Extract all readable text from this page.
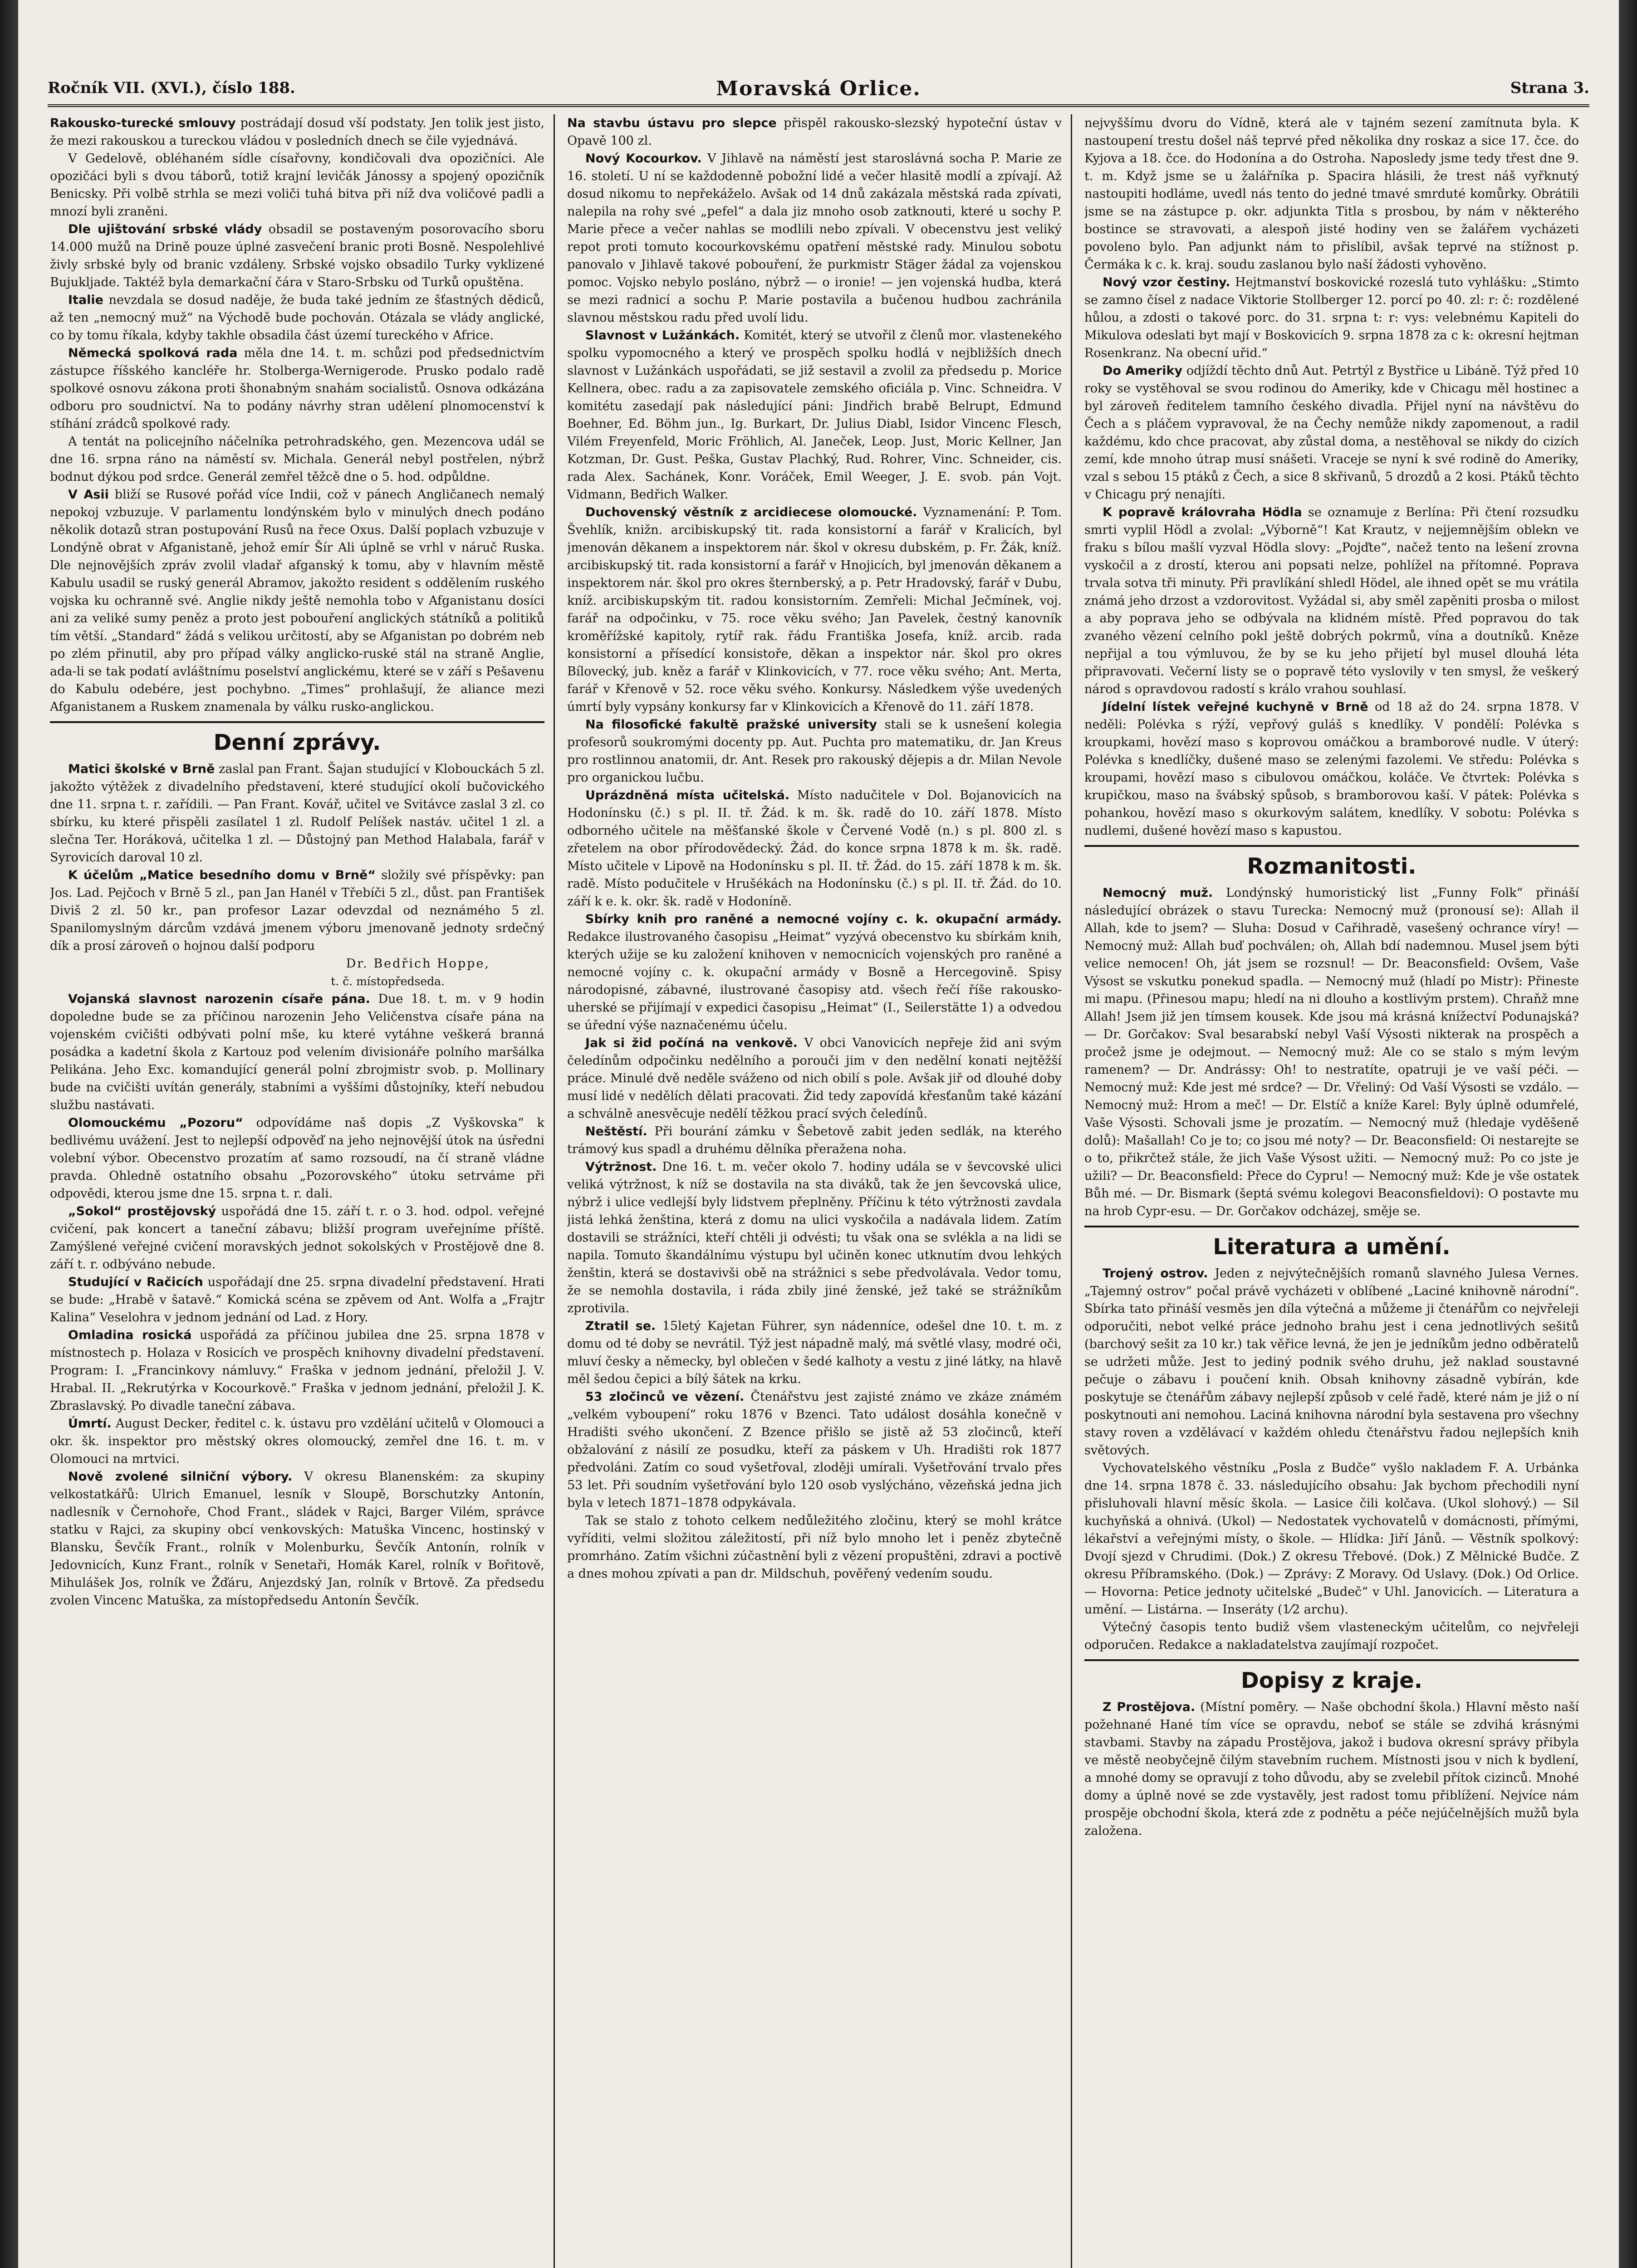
Ročník VII. (XVI.), číslo 188.	Moravská Orlice.	Strana 3.

Rakousko-turecké smlouvy postrádají dosud vší podstaty. Jen tolik jest jisto, že mezi rakouskou a tureckou vládou v posledních dnech se čile vyjednává.

V Gedelově, obléhaném sídle císařovny, kondičovali dva opozičníci. Ale opozičáci byli s dvou táborů, totiž krajní levičák Jánossy a spojený opozičník Benicsky. Při volbě strhla se mezi voliči tuhá bitva při níž dva voličové padli a mnozí byli zraněni.

Dle ujištování srbské vlády obsadil se postaveným posorovacího sboru 14.000 mužů na Drině pouze úplné zasvečení branic proti Bosně. Nespolehlivé živly srbské byly od branic vzdáleny. Srbské vojsko obsadilo Turky vyklizené Bujukljade. Taktéž byla demarkační čára v Staro-Srbsku od Turků opuštěna.

Italie nevzdala se dosud naděje, že buda také jedním ze šťastných dědiců, až ten „nemocný muž“ na Východě bude pochován. Otázala se vlády anglické, co by tomu říkala, kdyby takhle obsadila část území tureckého v Africe.

Německá spolková rada měla dne 14. t. m. schůzi pod předsednictvím zástupce říšského kancléře hr. Stolberga-Wernigerode. Prusko podalo radě spolkové osnovu zákona proti šhonabným snahám socialistů. Osnova odkázána odboru pro soudnictví. Na to podány návrhy stran udělení plnomocenství k stíhání zrádců spolkové rady.

A tentát na policejního náčelníka petrohradského, gen. Mezencova udál se dne 16. srpna ráno na náměstí sv. Michala. Generál nebyl postřelen, nýbrž bodnut dýkou pod srdce. Generál zemřel těžcě dne o 5. hod. odpůldne.

V Asii bliží se Rusové pořád více Indii, což v pánech Angličanech nemalý nepokoj vzbuzuje. V parlamentu londýnském bylo v minulých dnech podáno několik dotazů stran postupování Rusů na řece Oxus. Další poplach vzbuzuje v Londýně obrat v Afganistaně, jehož emír Šír Ali úplně se vrhl v náruč Ruska. Dle nejnovějších zpráv zvolil vladař afganský k tomu, aby v hlavním městě Kabulu usadil se ruský generál Abramov, jakožto resident s oddělením ruského vojska ku ochranně své. Anglie nikdy ještě nemohla tobo v Afganistanu dosíci ani za veliké sumy peněz a proto jest pobouření anglických státníků a politiků tím větší. „Standard“ žádá s velikou určitostí, aby se Afganistan po dobrém neb po zlém přinutil, aby pro případ války anglicko-ruské stál na straně Anglie, ada-li se tak podatí avláštnímu poselství anglickému, které se v září s Pešavenu do Kabulu odebére, jest pochybno. „Times“ prohlašují, že aliance mezi Afganistanem a Ruskem znamenala by válku rusko-anglickou.

Denní zprávy.

Matici školské v Brně zaslal pan Frant. Šajan studující v Klobouckách 5 zl. jakožto výtěžek z divadelního představení, které studující okolí bučovického dne 11. srpna t. r. zařídili. — Pan Frant. Kovář, učitel ve Svitávce zaslal 3 zl. co sbírku, ku které přispěli zasílatel 1 zl. Rudolf Pelíšek nastáv. učitel 1 zl. a slečna Ter. Horáková, učitelka 1 zl. — Důstojný pan Method Halabala, farář v Syrovicích daroval 10 zl.

K účelům „Matice besedního domu v Brně“ složily své příspěvky: pan Jos. Lad. Pejčoch v Brně 5 zl., pan Jan Hanél v Třebíči 5 zl., důst. pan František Diviš 2 zl. 50 kr., pan profesor Lazar odevzdal od neznámého 5 zl. Spanilomyslným dárcům vzdává jmenem výboru jmenovaně jednoty srdečný dík a prosí zároveň o hojnou další podporu

Dr. Bedřich Hoppe,

t. č. místopředseda.

Vojanská slavnost narozenin císaře pána. Due 18. t. m. v 9 hodin dopoledne bude se za příčinou narozenin Jeho Veličenstva císaře pána na vojenském cvičišti odbývati polní mše, ku které vytáhne veškerá branná posádka a kadetní škola z Kartouz pod velením divisionáře polního maršálka Pelikána. Jeho Exc. komandující generál polní zbrojmistr svob. p. Mollinary bude na cvičišti uvítán generály, stabními a vyššími důstojníky, kteří nebudou službu nastávati.

Olomouckému „Pozoru“ odpovídáme naš dopis „Z Vyškovska“ k bedlivému uvážení. Jest to nejlepší odpověď na jeho nejnovější útok na úsředni volební výbor. Obecenstvo prozatím ať samo rozsoudí, na čí straně vládne pravda. Ohledně ostatního obsahu „Pozorovského“ útoku setrváme při odpovědi, kterou jsme dne 15. srpna t. r. dali.

„Sokol“ prostějovský uspořádá dne 15. září t. r. o 3. hod. odpol. veřejné cvičení, pak koncert a taneční zábavu; bližší program uveřejníme příště. Zamýšlené veřejné cvičení moravských jednot sokolských v Prostějově dne 8. září t. r. odbýváno nebude.

Studující v Račicích uspořádají dne 25. srpna divadelní představení. Hrati se bude: „Hrabě v šatavě.“ Komická scéna se zpěvem od Ant. Wolfa a „Frajtr Kalina“ Veselohra v jednom jednání od Lad. z Hory.

Omladina rosická uspořádá za příčinou jubilea dne 25. srpna 1878 v místnostech p. Holaza v Rosicích ve prospěch knihovny divadelní představení. Program: I. „Francinkovy námluvy.“ Fraška v jednom jednání, přeložil J. V. Hrabal. II. „Rekrutýrka v Kocourkově.“ Fraška v jednom jednání, přeložil J. K. Zbraslavský. Po divadle taneční zábava.

Úmrtí. August Decker, ředitel c. k. ústavu pro vzdělání učitelů v Olomouci a okr. šk. inspektor pro městský okres olomoucký, zemřel dne 16. t. m. v Olomouci na mrtvici.

Nově zvolené silniční výbory. V okresu Blanenském: za skupiny velkostatkářů: Ulrich Emanuel, lesník v Sloupě, Borschutzky Antonín, nadlesník v Černohoře, Chod Frant., sládek v Rajci, Barger Vilém, správce statku v Rajci, za skupiny obcí venkovských: Matuška Vincenc, hostinský v Blansku, Ševčík Frant., rolník v Molenburku, Ševčík Antonín, rolník v Jedovnicích, Kunz Frant., rolník v Senetaři, Homák Karel, rolník v Bořitově, Mihulášek Jos, rolník ve Žďáru, Anjezdský Jan, rolník v Brtově. Za předsedu zvolen Vincenc Matuška, za místopředsedu Antonín Ševčík.

Na stavbu ústavu pro slepce přispěl rakousko-slezský hypoteční ústav v Opavě 100 zl.

Nový Kocourkov. V Jihlavě na náměstí jest staroslávná socha P. Marie ze 16. století. U ní se každodenně pobožní lidé a večer hlasitě modlí a zpívají. Až dosud nikomu to nepřekáželo. Avšak od 14 dnů zakázala městská rada zpívati, nalepila na rohy své „pefel“ a dala jiz mnoho osob zatknouti, které u sochy P. Marie přece a večer nahlas se modlili nebo zpívali. V obecenstvu jest veliký repot proti tomuto kocourkovskému opatření městské rady. Minulou sobotu panovalo v Jihlavě takové pobouření, že purkmistr Stäger žádal za vojenskou pomoc. Vojsko nebylo posláno, nýbrž — o ironie! — jen vojenská hudba, která se mezi radnicí a sochu P. Marie postavila a bučenou hudbou zachránila slavnou městskou radu před uvolí lidu.

Slavnost v Lužánkách. Komitét, který se utvořil z členů mor. vlastenekého spolku vypomocného a který ve prospěch spolku hodlá v nejbližších dnech slavnost v Lužánkách uspořádati, se již sestavil a zvolil za předsedu p. Morice Kellnera, obec. radu a za zapisovatele zemského oficiála p. Vinc. Schneidra. V komitétu zasedají pak následující páni: Jindřich brabě Belrupt, Edmund Boehner, Ed. Böhm jun., Ig. Burkart, Dr. Julius Diabl, Isidor Vincenc Flesch, Vilém Freyenfeld, Moric Fröhlich, Al. Janeček, Leop. Just, Moric Kellner, Jan Kotzman, Dr. Gust. Peška, Gustav Plachký, Rud. Rohrer, Vinc. Schneider, cis. rada Alex. Sachánek, Konr. Voráček, Emil Weeger, J. E. svob. pán Vojt. Vidmann, Bedřich Walker.

Duchovenský věstník z arcidiecese olomoucké. Vyznamenání: P. Tom. Švehlík, knižn. arcibiskupský tit. rada konsistorní a farář v Kralicích, byl jmenován děkanem a inspektorem nár. škol v okresu dubském, p. Fr. Žák, kníž. arcibiskupský tit. rada konsistorní a farář v Hnojicích, byl jmenován děkanem a inspektorem nár. škol pro okres šternberský, a p. Petr Hradovský, farář v Dubu, kníž. arcibiskupským tit. radou konsistorním. Zemřeli: Michal Ječmínek, voj. farář na odpočinku, v 75. roce věku svého; Jan Pavelek, čestný kanovník kroměřížské kapitoly, rytíř rak. řádu Františka Josefa, kníž. arcib. rada konsistorní a přísedící konsistoře, děkan a inspektor nár. škol pro okres Bílovecký, jub. kněz a farář v Klinkovicích, v 77. roce věku svého; Ant. Merta, farář v Křenově v 52. roce věku svého. Konkursy. Následkem výše uvedených úmrtí byly vypsány konkursy far v Klinkovicích a Křenově do 11. září 1878.

Na filosofické fakultě pražské university stali se k usnešení kolegia profesorů soukromými docenty pp. Aut. Puchta pro matematiku, dr. Jan Kreus pro rostlinnou anatomii, dr. Ant. Resek pro rakouský dějepis a dr. Milan Nevole pro organickou lučbu.

Uprázdněná místa učitelská. Místo nadučitele v Dol. Bojanovicích na Hodonínsku (č.) s pl. II. tř. Žád. k m. šk. radě do 10. září 1878. Místo odborného učitele na měšťanské škole v Červené Vodě (n.) s pl. 800 zl. s zřetelem na obor přírodovědecký. Žád. do konce srpna 1878 k m. šk. radě. Místo učitele v Lipově na Hodonínsku s pl. II. tř. Žád. do 15. září 1878 k m. šk. radě. Místo podučitele v Hrušékách na Hodonínsku (č.) s pl. II. tř. Žád. do 10. září k e. k. okr. šk. radě v Hodoníně.

Sbírky knih pro raněné a nemocné vojíny c. k. okupační armády. Redakce ilustrovaného časopisu „Heimat“ vyzývá obecenstvo ku sbírkám knih, kterých užije se ku založení knihoven v nemocnicích vojenských pro raněné a nemocné vojíny c. k. okupační armády v Bosně a Hercegovině. Spisy národopisné, zábavné, ilustrované časopisy atd. všech řečí říše rakousko-uherské se přijímají v expedici časopisu „Heimat“ (I., Seilerstätte 1) a odvedou se úřední výše naznačenému účelu.

Jak si žid počíná na venkově. V obci Vanovicích nepřeje žid ani svým čeledínům odpočinku nedělního a porouči jim v den nedělní konati nejtěžší práce. Minulé dvě neděle sváženo od nich obilí s pole. Avšak jiř od dlouhé doby musí lidé v nedělích dělati pracovati. Žid tedy zapovídá křesťanům také kázání a schválně anesvěcuje nedělí těžkou prací svých čeledínů.

Neštěstí. Při bourání zámku v Šebetově zabit jeden sedlák, na kterého trámový kus spadl a druhému dělníka přeražena noha.

Výtržnost. Dne 16. t. m. večer okolo 7. hodiny udála se v ševcovské ulici veliká výtržnost, k níž se dostavila na sta diváků, tak že jen ševcovská ulice, nýbrž i ulice vedlejší byly lidstvem přeplněny. Příčinu k této výtržnosti zavdala jistá lehká ženština, která z domu na ulici vyskočila a nadávala lidem. Zatím dostavili se strážníci, kteří chtěli ji odvésti; tu však ona se svlékla a na lidi se napila. Tomuto škandálnímu výstupu byl učiněn konec utknutím dvou lehkých ženštin, která se dostavivši obě na strážnici s sebe předvolávala. Vedor tomu, že se nemohla dostavila, i ráda zbily jiné ženské, jež také se strážníkům zprotivila.

Ztratil se. 15letý Kajetan Führer, syn nádenníce, odešel dne 10. t. m. z domu od té doby se nevrátil. Týž jest nápadně malý, má světlé vlasy, modré oči, mluví česky a německy, byl oblečen v šedé kalhoty a vestu z jiné látky, na hlavě měl šedou čepici a bílý šátek na krku.

53 zločinců ve vězení. Čtenářstvu jest zajisté známo ve zkáze známém „velkém vyboupení“ roku 1876 v Bzenci. Tato událost dosáhla konečně v Hradišti svého ukončení. Z Bzence přišlo se jistě až 53 zločinců, kteří obžalování z násilí ze posudku, kteří za páskem v Uh. Hradišti rok 1877 předvoláni. Zatím co soud vyšetřoval, zloději umírali. Vyšetřování trvalo přes 53 let. Při soudním vyšetřování bylo 120 osob vyslýcháno, vězeňská jedna jich byla v letech 1871–1878 odpykávala.

Tak se stalo z tohoto celkem nedůležitého zločinu, který se mohl krátce vyříditi, velmi složitou záležitostí, při níž bylo mnoho let i peněz zbytečně promrháno. Zatím všichni zúčastnění byli z vězení propuštěni, zdravi a poctivě a dnes mohou zpívati a pan dr. Mildschuh, pověřený vedením soudu.

nejvyššímu dvoru do Vídně, která ale v tajném sezení zamítnuta byla. K nastoupení trestu došel náš teprvé před několika dny roskaz a sice 17. čce. do Kyjova a 18. čce. do Hodonína a do Ostroha. Naposledy jsme tedy třest dne 9. t. m. Když jsme se u žalářníka p. Spacira hlásili, že trest náš vyřknutý nastoupiti hodláme, uvedl nás tento do jedné tmavé smrduté komůrky. Obrátili jsme se na zástupce p. okr. adjunkta Titla s prosbou, by nám v některého bostince se stravovati, a alespoň jisté hodiny ven se žalářem vycházeti povoleno bylo. Pan adjunkt nám to přislíbil, avšak teprvé na stížnost p. Čermáka k c. k. kraj. soudu zaslanou bylo naší žádosti vyhověno.

Nový vzor čestiny. Hejtmanství boskovické rozeslá tuto vyhlášku: „Stimto se zamno čísel z nadace Viktorie Stollberger 12. porcí po 40. zl: r: č: rozdělené hůlou, a zdosti o takové porc. do 31. srpna t: r: vys: velebnému Kapiteli do Mikulova odeslati byt mají v Boskovicích 9. srpna 1878 za c k: okresní hejtman Rosenkranz. Na obecní uřid.“

Do Ameriky odjíždí těchto dnů Aut. Petrtýl z Bystřice u Libáně. Týž před 10 roky se vystěhoval se svou rodinou do Ameriky, kde v Chicagu měl hostinec a byl zároveň ředitelem tamního českého divadla. Přijel nyní na návštěvu do Čech a s pláčem vypravoval, že na Čechy nemůže nikdy zapomenout, a radil každému, kdo chce pracovat, aby zůstal doma, a nestěhoval se nikdy do cizích zemí, kde mnoho útrap musí snášeti. Vraceje se nyní k své rodině do Ameriky, vzal s sebou 15 ptáků z Čech, a sice 8 skřivanů, 5 drozdů a 2 kosi. Ptáků těchto v Chicagu prý nenajíti.

K popravě královraha Hödla se oznamuje z Berlína: Při čtení rozsudku smrti vyplil Hödl a zvolal: „Výborně“! Kat Krautz, v nejjemnějším oblekn ve fraku s bílou mašlí vyzval Hödla slovy: „Pojďte“, načež tento na lešení zrovna vyskočil a z drostí, kterou ani popsati nelze, pohlížel na přítomné. Poprava trvala sotva tři minuty. Při pravlíkání shledl Hödel, ale ihned opět se mu vrátila známá jeho drzost a vzdorovitost. Vyžádal si, aby směl zapěniti prosba o milost a aby poprava jeho se odbývala na klidném místě. Před popravou do tak zvaného vězení celního pokl ještě dobrých pokrmů, vína a doutníků. Kněze nepřijal a tou výmluvou, že by se ku jeho přijetí byl musel dlouhá léta připravovati. Večerní listy se o popravě této vyslovily v ten smysl, že veškerý národ s opravdovou radostí s králo vrahou souhlasí.

Jídelní lístek veřejné kuchyně v Brně od 18 až do 24. srpna 1878. V neděli: Polévka s rýží, vepřový guláš s knedlíky. V pondělí: Polévka s kroupkami, hovězí maso s koprovou omáčkou a bramborové nudle. V úterý: Polévka s knedlíčky, dušené maso se zelenými fazolemi. Ve středu: Polévka s kroupami, hovězí maso s cibulovou omáčkou, koláče. Ve čtvrtek: Polévka s krupičkou, maso na švábský spůsob, s bramborovou kaší. V pátek: Polévka s pohankou, hovězí maso s okurkovým salátem, knedlíky. V sobotu: Polévka s nudlemi, dušené hovězí maso s kapustou.

Rozmanitosti.

Nemocný muž. Londýnský humoristický list „Funny Folk“ přináší následující obrázek o stavu Turecka: Nemocný muž (pronousí se): Allah il Allah, kde to jsem? — Sluha: Dosud v Cařihradě, vasešený ochrance víry! — Nemocný muž: Allah buď pochválen; oh, Allah bdí nademnou. Musel jsem býti velice nemocen! Oh, ját jsem se rozsnul! — Dr. Beaconsfield: Ovšem, Vaše Výsost se vskutku ponekud spadla. — Nemocný muž (hladí po Mistr): Přineste mi mapu. (Přinesou mapu; hledí na ni dlouho a kostlivým prstem). Chraňž mne Allah! Jsem již jen tímsem kousek. Kde jsou má krásná knížectví Podunajská? — Dr. Gorčakov: Sval besarabskí nebyl Vaší Výsosti nikterak na prospěch a pročež jsme je odejmout. — Nemocný muž: Ale co se stalo s mým levým ramenem? — Dr. Andrássy: Oh! to nestratíte, opatruji je ve vaší péči. — Nemocný muž: Kde jest mé srdce? — Dr. Vřeliný: Od Vaší Výsosti se vzdálo. — Nemocný muž: Hrom a meč! — Dr. Elstíč a kníže Karel: Byly úplně odumřelé, Vaše Výsosti. Schovali jsme je prozatím. — Nemocný muž (hledaje vyděšeně dolů): Mašallah! Co je to; co jsou mé noty? — Dr. Beaconsfield: Oi nestarejte se o to, přikrčtež stále, že jich Vaše Výsost užiti. — Nemocný muž: Po co jste je užili? — Dr. Beaconsfield: Přece do Cypru! — Nemocný muž: Kde je vše ostatek Bůh mé. — Dr. Bismark (šeptá svému kolegovi Beaconsfieldovi): O postavte mu na hrob Cypr-esu. — Dr. Gorčakov odcházej, směje se.

Literatura a umění.

Trojený ostrov. Jeden z nejvýtečnějších romanů slavného Julesa Vernes. „Tajemný ostrov“ počal právě vycházeti v oblíbené „Laciné knihovně národní“. Sbírka tato přináší vesměs jen díla výtečná a můžeme ji čtenářům co nejvřeleji odporučiti, nebot velké práce jednoho brahu jest i cena jednotlivých sešitů (barchový sešit za 10 kr.) tak věřice levná, že jen je jedníkům jedno odběratelů se udržeti může. Jest to jediný podnik svého druhu, jež naklad soustavné pečuje o zábavu i poučení knih. Obsah knihovny zásadně vybírán, kde poskytuje se čtenářům zábavy nejlepší způsob v celé řadě, které nám je již o ní poskytnouti ani nemohou. Laciná knihovna národní byla sestavena pro všechny stavy roven a vzdělávací v každém ohledu čtenářstvu řadou nejlepších knih světových.

Vychovatelského věstníku „Posla z Budče“ vyšlo nakladem F. A. Urbánka dne 14. srpna 1878 č. 33. následujícího obsahu: Jak bychom přechodili nyní přisluhovali hlavní měsíc škola. — Lasice čili kolčava. (Ukol slohový.) — Sil kuchyňská a ohnivá. (Ukol) — Nedostatek vychovatelů v domácnosti, přímými, lékařství a veřejnými místy, o škole. — Hlídka: Jiří Jánů. — Věstník spolkový: Dvojí sjezd v Chrudimi. (Dok.) Z okresu Třebové. (Dok.) Z Mělnické Budče. Z okresu Příbramského. (Dok.) — Zprávy: Z Moravy. Od Uslavy. (Dok.) Od Orlice. — Hovorna: Petice jednoty učitelské „Budeč“ v Uhl. Janovicích. — Literatura a umění. — Listárna. — Inseráty (1⁄2 archu).

Výtečný časopis tento budiž všem vlasteneckým učitelům, co nejvřeleji odporučen. Redakce a nakladatelstva zaujímají rozpočet.

Dopisy z kraje.

Z Prostějova. (Místní poměry. — Naše obchodní škola.) Hlavní město naší požehnané Hané tím více se opravdu, neboť se stále se zdvihá krásnými stavbami. Stavby na západu Prostějova, jakož i budova okresní správy přibyla ve městě neobyčejně čilým stavebním ruchem. Místnosti jsou v nich k bydlení, a mnohé domy se opravují z toho důvodu, aby se zvelebil přítok cizinců. Mnohé domy a úplně nové se zde vystavěly, jest radost tomu přiblížení. Nejvíce nám prospěje obchodní škola, která zde z podnětu a péče nejúčelnějších mužů byla založena.
